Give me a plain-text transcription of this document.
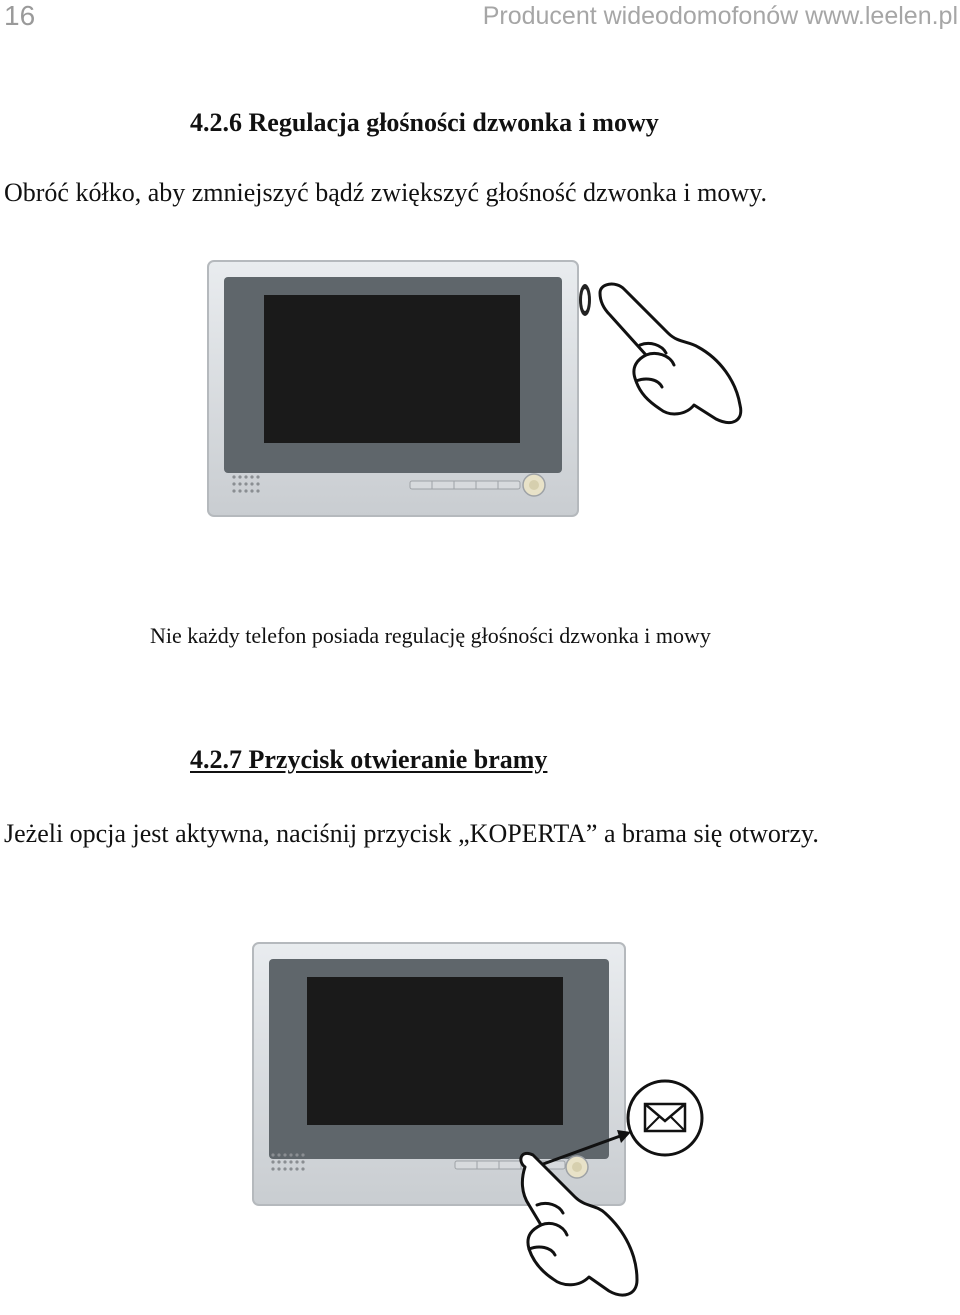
16	Producent wideodomofonów www.leelen.pl
4.2.6 Regulacja głośności dzwonka i mowy
Obróć kółko, aby zmniejszyć bądź zwiększyć głośność dzwonka i mowy.
Nie każdy telefon posiada regulację głośności dzwonka i mowy
4.2.7 Przycisk otwieranie bramy
Jeżeli opcja jest aktywna, naciśnij przycisk „KOPERTA” a brama się otworzy.
